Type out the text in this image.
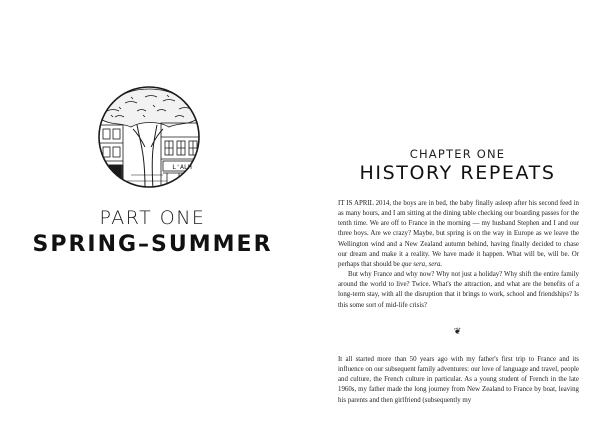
L'ALH
PART ONE
SPRING–SUMMER
CHAPTER ONE
HISTORY REPEATS

IT IS APRIL 2014, the boys are in bed, the baby finally asleep after his second feed in as many hours, and I am sitting at the dining table checking our boarding passes for the tenth time. We are off to France in the morning — my husband Stephen and I and our three boys. Are we crazy? Maybe, but spring is on the way in Europe as we leave the Wellington wind and a New Zealand autumn behind, having finally decided to chase our dream and make it a reality. We have made it happen. What will be, will be. Or perhaps that should be que sera, sera.

But why France and why now? Why not just a holiday? Why shift the entire family around the world to live? Twice. What's the attraction, and what are the benefits of a long-term stay, with all the disruption that it brings to work, school and friendships? Is this some sort of mid-life crisis?

❦

It all started more than 50 years ago with my father's first trip to France and its influence on our subsequent family adventures: our love of language and travel, people and culture, the French culture in particular. As a young student of French in the late 1960s, my father made the long journey from New Zealand to France by boat, leaving his parents and then girlfriend (subsequently my
